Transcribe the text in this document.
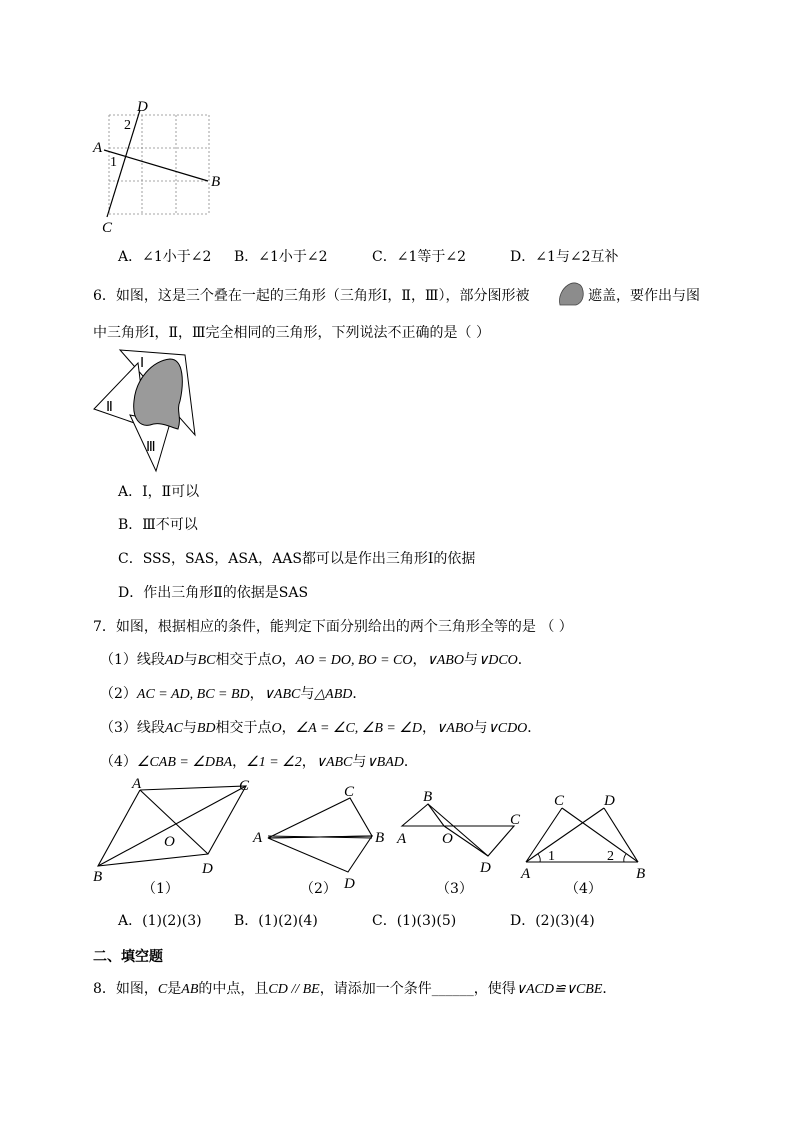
D
2
A
1
B
C
A．∠1小于∠2 B．∠1小于∠2	C．∠1等于∠2	D．∠1与∠2互补
6．如图，这是三个叠在一起的三角形（三角形Ⅰ，Ⅱ，Ⅲ），部分图形被	遮盖，要作出与图
中三角形Ⅰ，Ⅱ，Ⅲ完全相同的三角形，下列说法不正确的是（ ）
Ⅰ
Ⅱ
Ⅲ
A．Ⅰ，Ⅱ可以
B．Ⅲ不可以
C．SSS，SAS，ASA，AAS都可以是作出三角形Ⅰ的依据
D．作出三角形Ⅱ的依据是SAS
7．如图，根据相应的条件，能判定下面分别给出的两个三角形全等的是 （ ）
（1）线段AD与BC相交于点O，AO = DO, BO = CO，∨ABO与∨DCO．
（2）AC = AD, BC = BD，∨ABC与△ABD．
（3）线段AC与BD相交于点O，∠A = ∠C, ∠B = ∠D，∨ABO与∨CDO．
（4）∠CAB = ∠DBA，∠1 = ∠2，∨ABC与∨BAD．
A	C
O
B	D
C
A	B
D
B
A O
C
D
C	D
1	2
A	B
（1）	（2）	（3）	（4）
A．(1)(2)(3) B．(1)(2)(4)	C．(1)(3)(5)	D．(2)(3)(4)
二、填空题
8．如图，C是AB的中点，且CD // BE，请添加一个条件______，使得∨ACD≌∨CBE．
